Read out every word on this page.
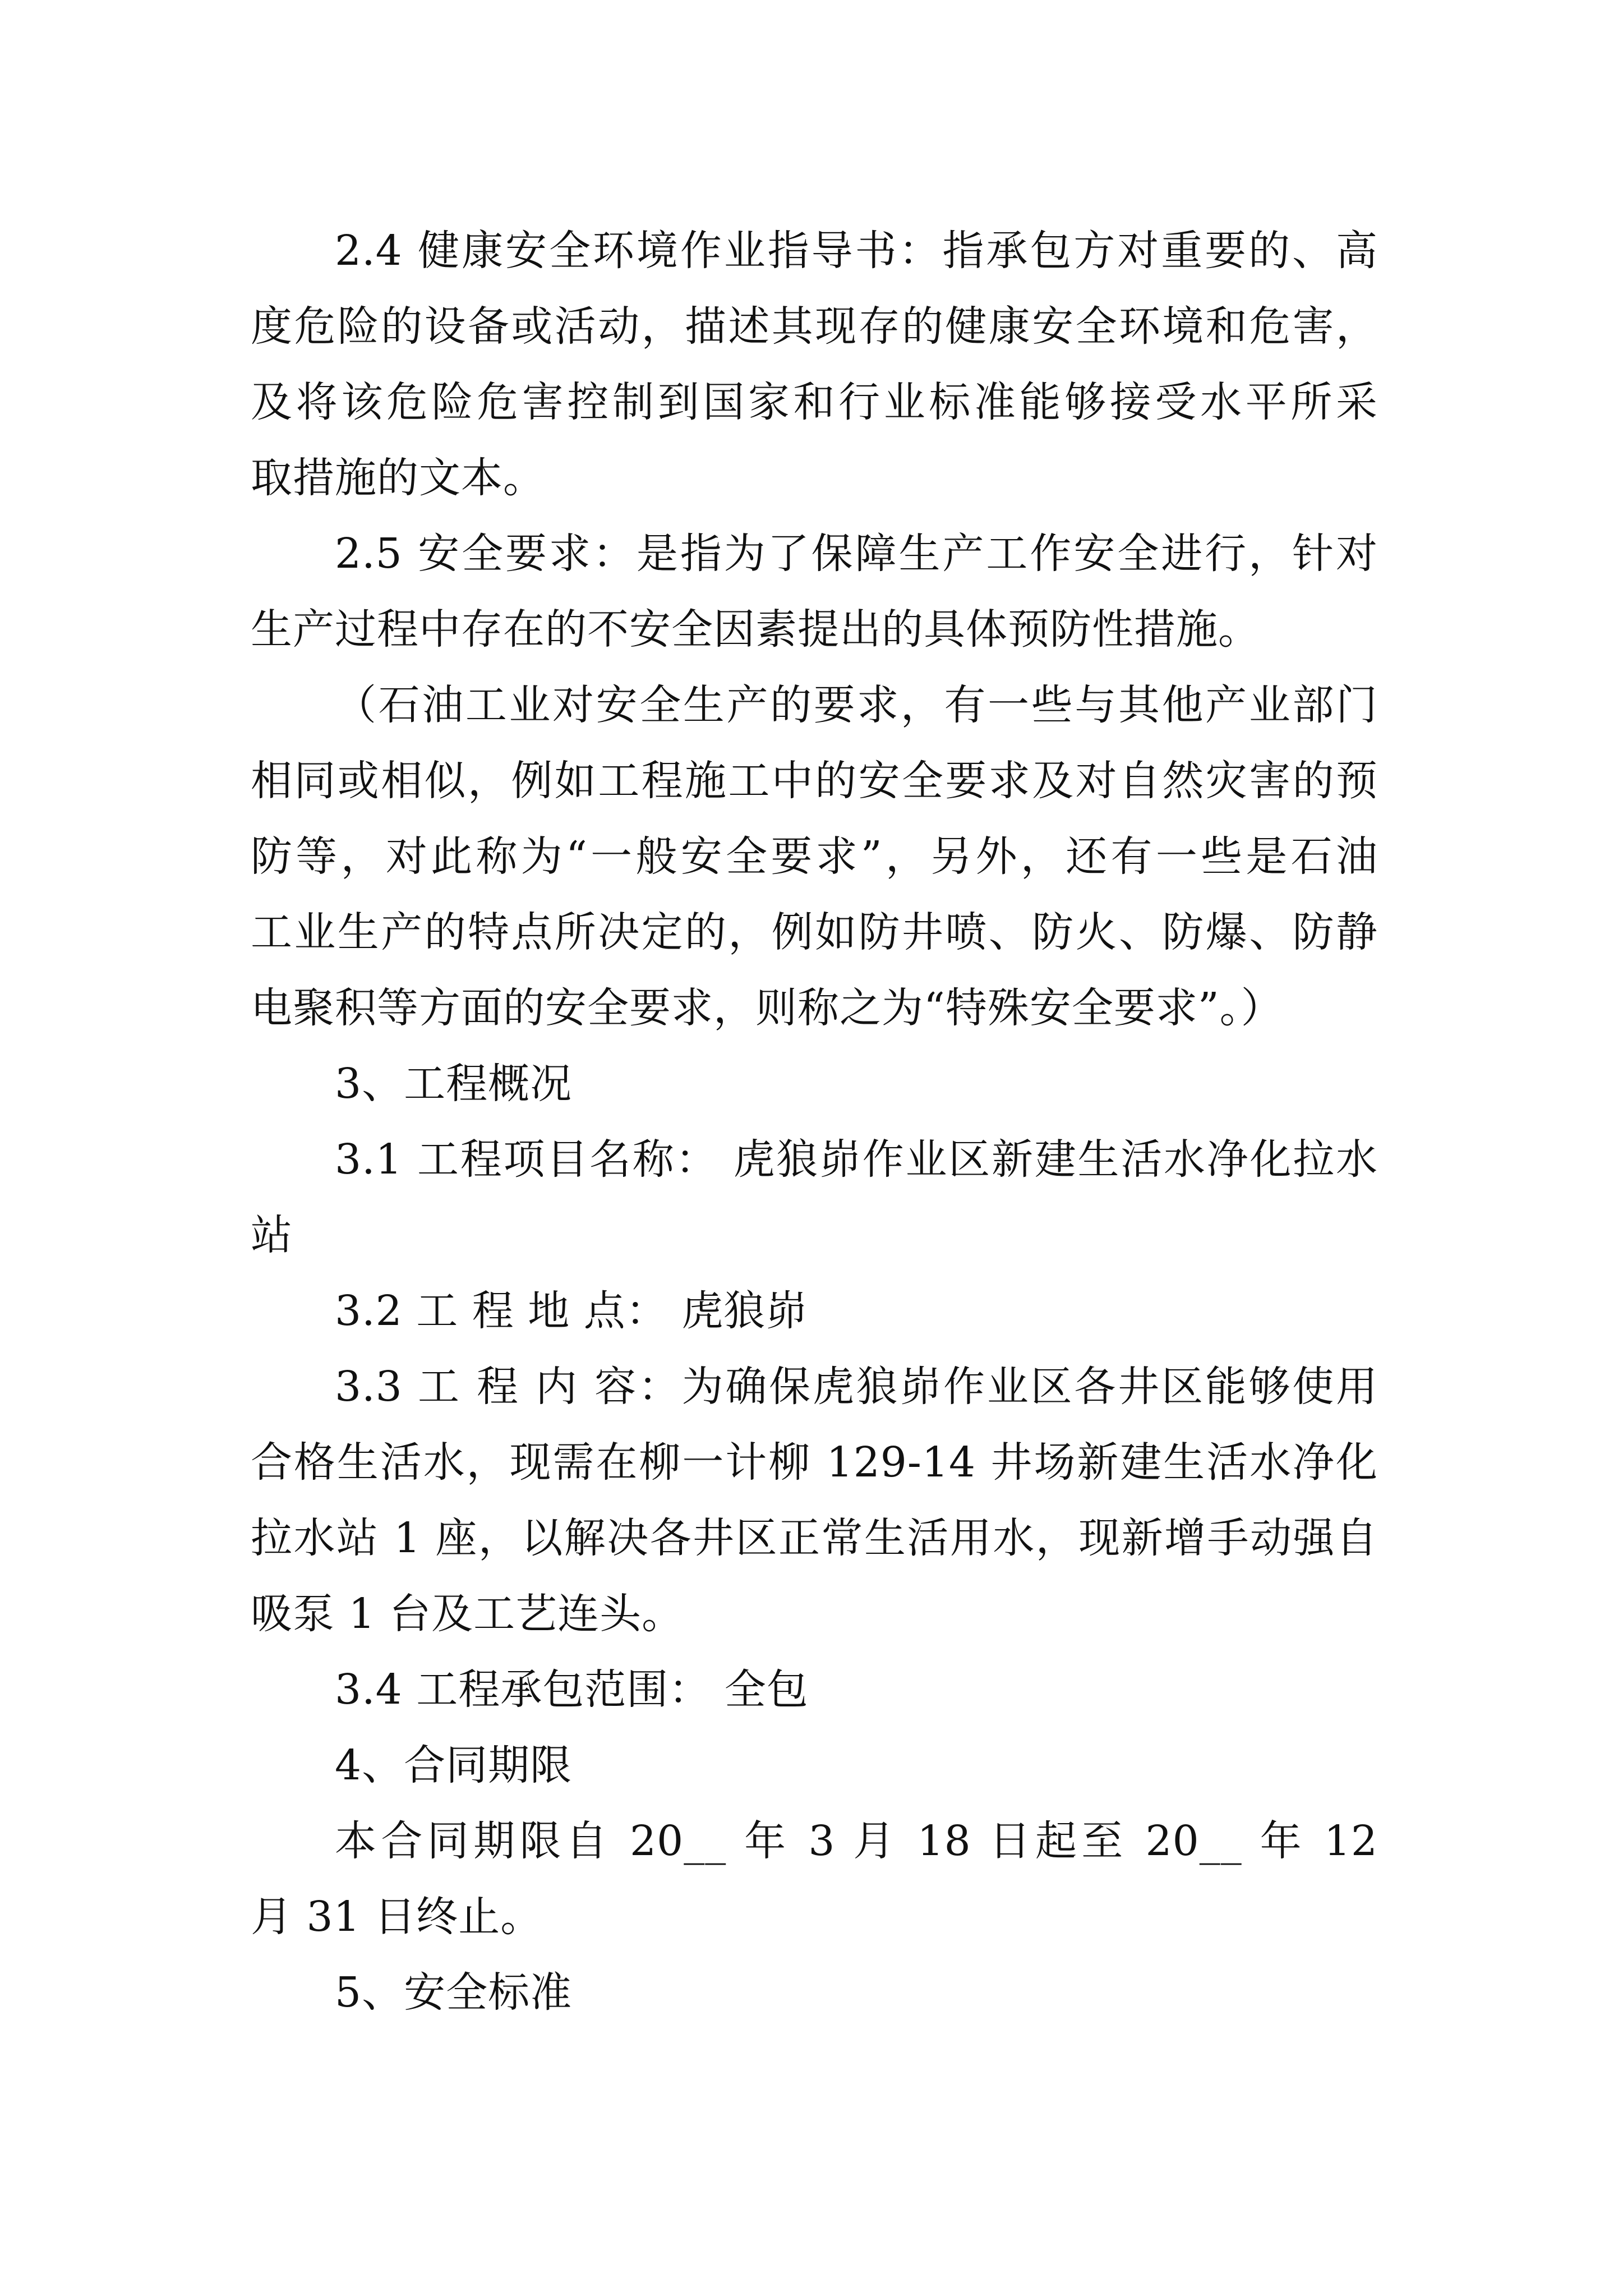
2.4 健康安全环境作业指导书：指承包方对重要的、高
度危险的设备或活动，描述其现存的健康安全环境和危害，
及将该危险危害控制到国家和行业标准能够接受水平所采
取措施的文本。
2.5 安全要求：是指为了保障生产工作安全进行，针对
生产过程中存在的不安全因素提出的具体预防性措施。
（石油工业对安全生产的要求，有一些与其他产业部门
相同或相似，例如工程施工中的安全要求及对自然灾害的预
防等，对此称为“一般安全要求”，另外，还有一些是石油
工业生产的特点所决定的，例如防井喷、防火、防爆、防静
电聚积等方面的安全要求，则称之为“特殊安全要求”。）
3、工程概况
3.1 工程项目名称： 虎狼峁作业区新建生活水净化拉水
站
3.2 工 程 地 点： 虎狼峁
3.3 工 程 内 容：为确保虎狼峁作业区各井区能够使用
合格生活水，现需在柳一计柳 129-14 井场新建生活水净化
拉水站 1 座，以解决各井区正常生活用水，现新增手动强自
吸泵 1 台及工艺连头。
3.4 工程承包范围： 全包
4、合同期限
本合同期限自 20__ 年 3 月 18 日起至 20__ 年 12
月 31 日终止。
5、安全标准
